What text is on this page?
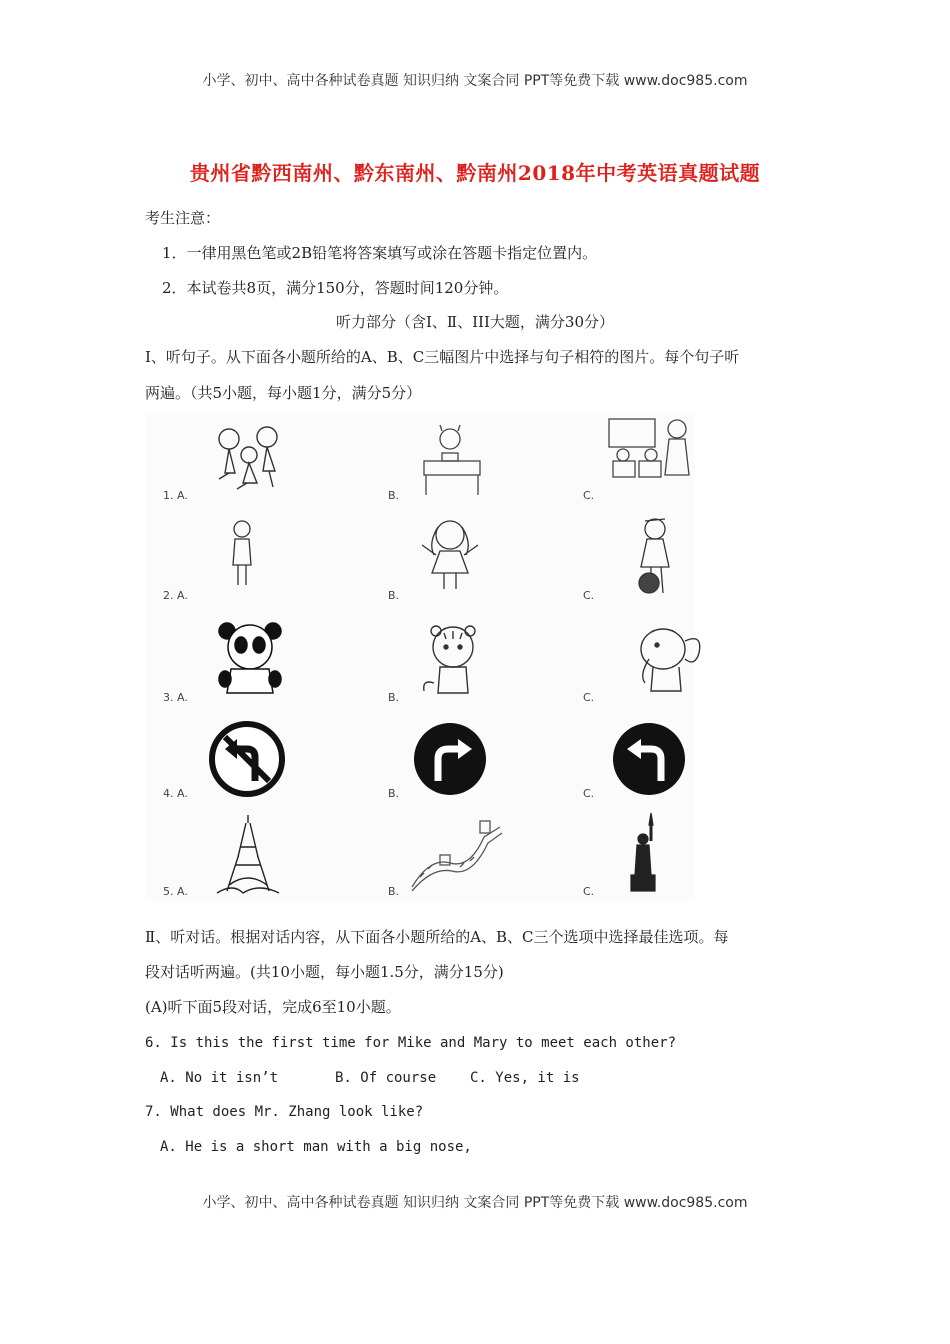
小学、初中、高中各种试卷真题 知识归纳 文案合同 PPT等免费下载 www.doc985.com
贵州省黔西南州、黔东南州、黔南州2018年中考英语真题试题
考生注意：
1．一律用黑色笔或2B铅笔将答案填写或涂在答题卡指定位置内。
2．本试卷共8页，满分150分，答题时间120分钟。
听力部分（含Ⅰ、Ⅱ、III大题，满分30分）
Ⅰ、听句子。从下面各小题所给的A、B、C三幅图片中选择与句子相符的图片。每个句子听
两遍。（共5小题，每小题1分，满分5分）
1. A.	B.	C.
2. A.	B.	C.
3. A.	B.	C.
4. A.	B.	C.
5. A.	B.	C.
Ⅱ、听对话。根据对话内容，从下面各小题所给的A、B、C三个选项中选择最佳选项。每
段对话听两遍。(共10小题，每小题1.5分，满分15分)
(A)听下面5段对话，完成6至10小题。
6. Is this the first time for Mike and Mary to meet each other?
A. No it isn’t	B. Of course C. Yes, it is
7. What does Mr. Zhang look like?
A. He is a short man with a big nose,
小学、初中、高中各种试卷真题 知识归纳 文案合同 PPT等免费下载 www.doc985.com
